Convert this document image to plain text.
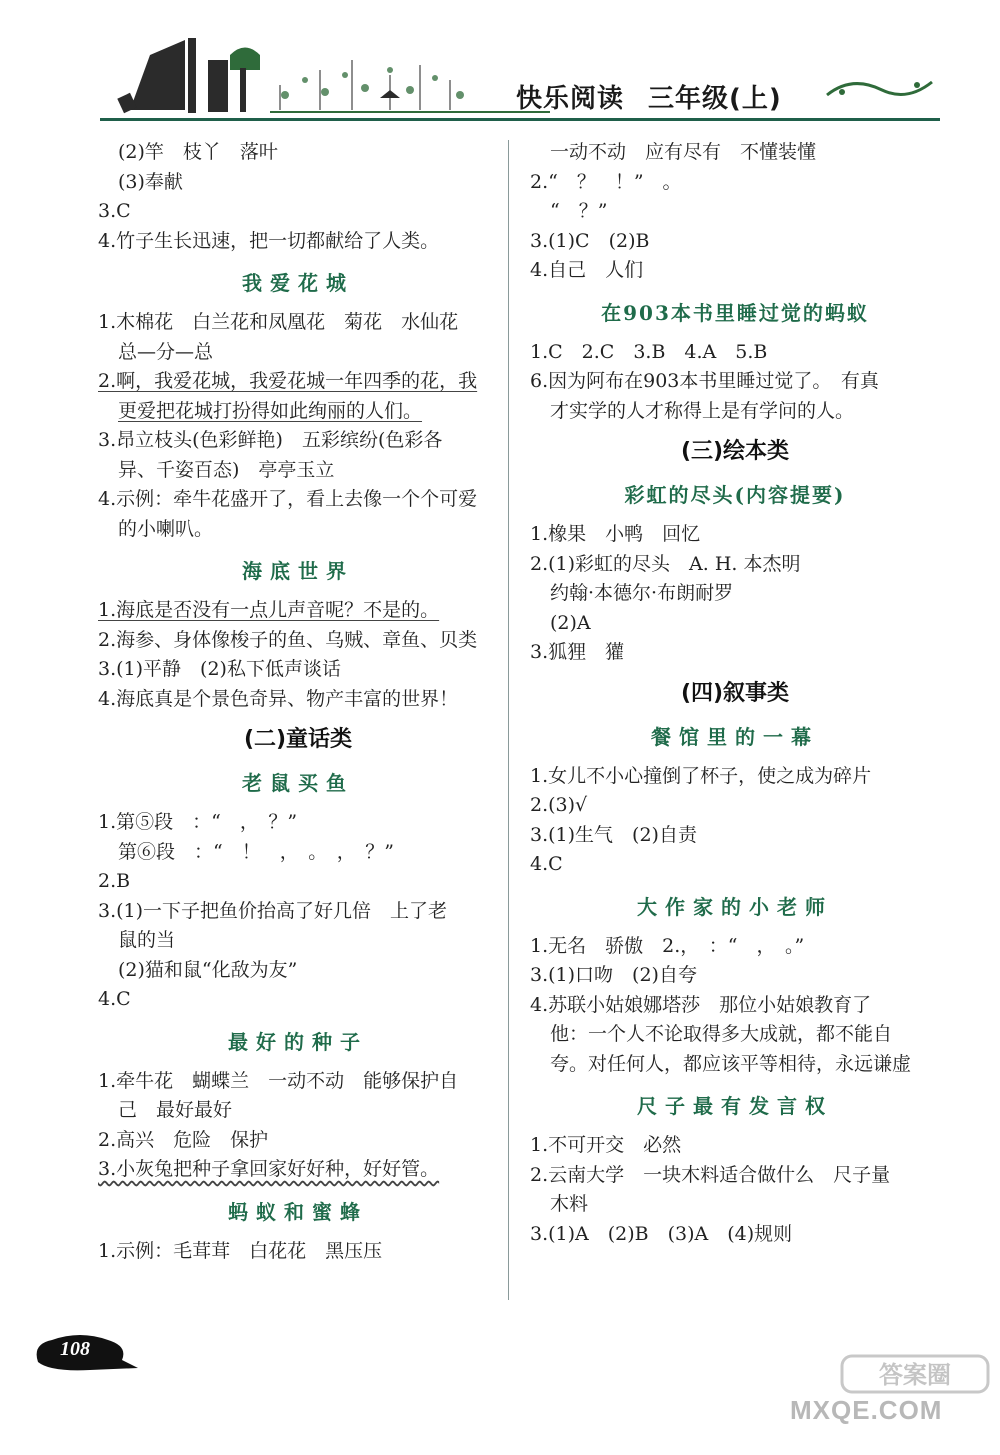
快乐阅读 三年级(上)
(2)竿　枝丫　落叶
(3)奉献
3.C
4.竹子生长迅速，把一切都献给了人类。
我爱花城
1.木棉花　白兰花和凤凰花　菊花　水仙花
总—分—总
2.啊，我爱花城，我爱花城一年四季的花，我
更爱把花城打扮得如此绚丽的人们。
3.昂立枝头(色彩鲜艳)　五彩缤纷(色彩各
异、千姿百态)　亭亭玉立
4.示例：牵牛花盛开了，看上去像一个个可爱
的小喇叭。
海底世界
1.海底是否没有一点儿声音呢？不是的。
2.海参、身体像梭子的鱼、乌贼、章鱼、贝类
3.(1)平静　(2)私下低声谈话
4.海底真是个景色奇异、物产丰富的世界！
(二)童话类
老鼠买鱼
1.第⑤段　：“　，　？”
第⑥段　：“　！　，　。　，　？”
2.B
3.(1)一下子把鱼价抬高了好几倍　上了老
鼠的当
(2)猫和鼠“化敌为友”
4.C
最好的种子
1.牵牛花　蝴蝶兰　一动不动　能够保护自
己　最好最好
2.高兴　危险　保护
3.小灰兔把种子拿回家好好种，好好管。
蚂蚁和蜜蜂
1.示例：毛茸茸　白花花　黑压压
一动不动　应有尽有　不懂装懂
2.“　？　！”　。
“　？”
3.(1)C　(2)B
4.自己　人们
在903本书里睡过觉的蚂蚁
1.C　2.C　3.B　4.A　5.B
6.因为阿布在903本书里睡过觉了。　有真
才实学的人才称得上是有学问的人。
(三)绘本类
彩虹的尽头(内容提要)
1.橡果　小鸭　回忆
2.(1)彩虹的尽头　A. H. 本杰明
约翰·本德尔·布朗耐罗
(2)A
3.狐狸　獾
(四)叙事类
餐馆里的一幕
1.女儿不小心撞倒了杯子，使之成为碎片
2.(3)√
3.(1)生气　(2)自责
4.C
大作家的小老师
1.无名　骄傲　2.，　：“　，　。”
3.(1)口吻　(2)自夸
4.苏联小姑娘娜塔莎　那位小姑娘教育了
他：一个人不论取得多大成就，都不能自
夸。对任何人，都应该平等相待，永远谦虚
尺子最有发言权
1.不可开交　必然
2.云南大学　一块木料适合做什么　尺子量
木料
3.(1)A　(2)B　(3)A　(4)规则
108
答案圈
MXQE.COM
